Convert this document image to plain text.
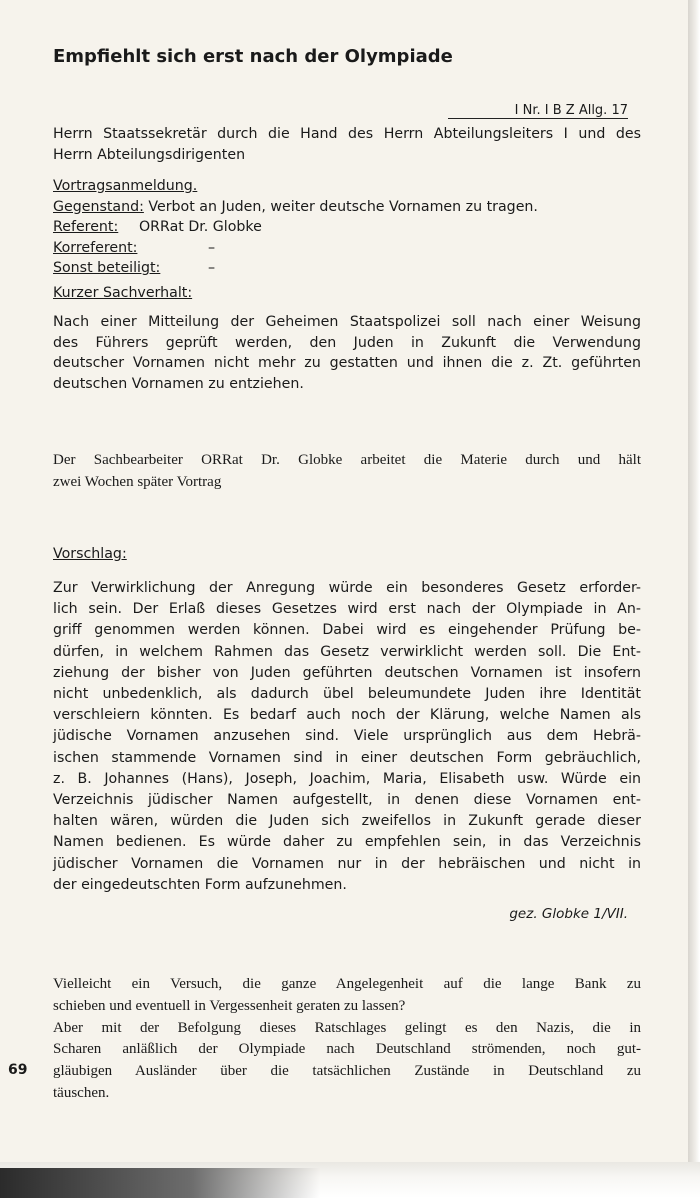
Empfiehlt sich erst nach der Olympiade
I Nr. I B Z Allg. 17
Herrn Staatssekretär durch die Hand des Herrn Abteilungsleiters I und des
Herrn Abteilungsdirigenten
Vortragsanmeldung.
Gegenstand: Verbot an Juden, weiter deutsche Vornamen zu tragen.
Referent: ORRat Dr. Globke
Korreferent:	–
Sonst beteiligt:	–
Kurzer Sachverhalt:
Nach einer Mitteilung der Geheimen Staatspolizei soll nach einer Weisung
des Führers geprüft werden, den Juden in Zukunft die Verwendung
deutscher Vornamen nicht mehr zu gestatten und ihnen die z. Zt. geführten
deutschen Vornamen zu entziehen.
Der Sachbearbeiter ORRat Dr. Globke arbeitet die Materie durch und hält
zwei Wochen später Vortrag
Vorschlag:
Zur Verwirklichung der Anregung würde ein besonderes Gesetz erforder-
lich sein. Der Erlaß dieses Gesetzes wird erst nach der Olympiade in An-
griff genommen werden können. Dabei wird es eingehender Prüfung be-
dürfen, in welchem Rahmen das Gesetz verwirklicht werden soll. Die Ent-
ziehung der bisher von Juden geführten deutschen Vornamen ist insofern
nicht unbedenklich, als dadurch übel beleumundete Juden ihre Identität
verschleiern könnten. Es bedarf auch noch der Klärung, welche Namen als
jüdische Vornamen anzusehen sind. Viele ursprünglich aus dem Hebrä-
ischen stammende Vornamen sind in einer deutschen Form gebräuchlich,
z. B. Johannes (Hans), Joseph, Joachim, Maria, Elisabeth usw. Würde ein
Verzeichnis jüdischer Namen aufgestellt, in denen diese Vornamen ent-
halten wären, würden die Juden sich zweifellos in Zukunft gerade dieser
Namen bedienen. Es würde daher zu empfehlen sein, in das Verzeichnis
jüdischer Vornamen die Vornamen nur in der hebräischen und nicht in
der eingedeutschten Form aufzunehmen.
gez. Globke 1/VII.
Vielleicht ein Versuch, die ganze Angelegenheit auf die lange Bank zu
schieben und eventuell in Vergessenheit geraten zu lassen?
Aber mit der Befolgung dieses Ratschlages gelingt es den Nazis, die in
Scharen anläßlich der Olympiade nach Deutschland strömenden, noch gut-
gläubigen Ausländer über die tatsächlichen Zustände in Deutschland zu
täuschen.
69
